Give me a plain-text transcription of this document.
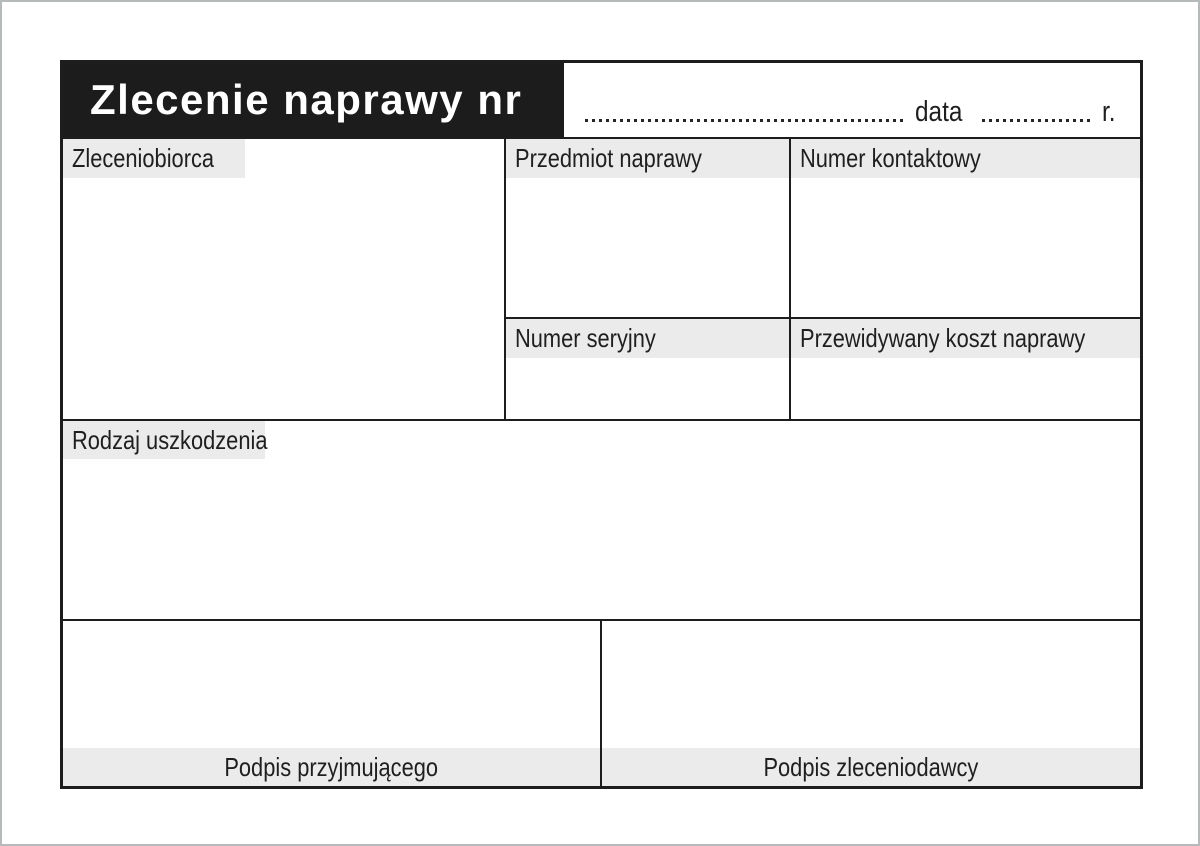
Zlecenie naprawy nr	data	r.
Zleceniobiorca	Przedmiot naprawy	Numer kontaktowy
Numer seryjny	Przewidywany koszt naprawy
Rodzaj uszkodzenia
Podpis przyjmującego	Podpis zleceniodawcy
